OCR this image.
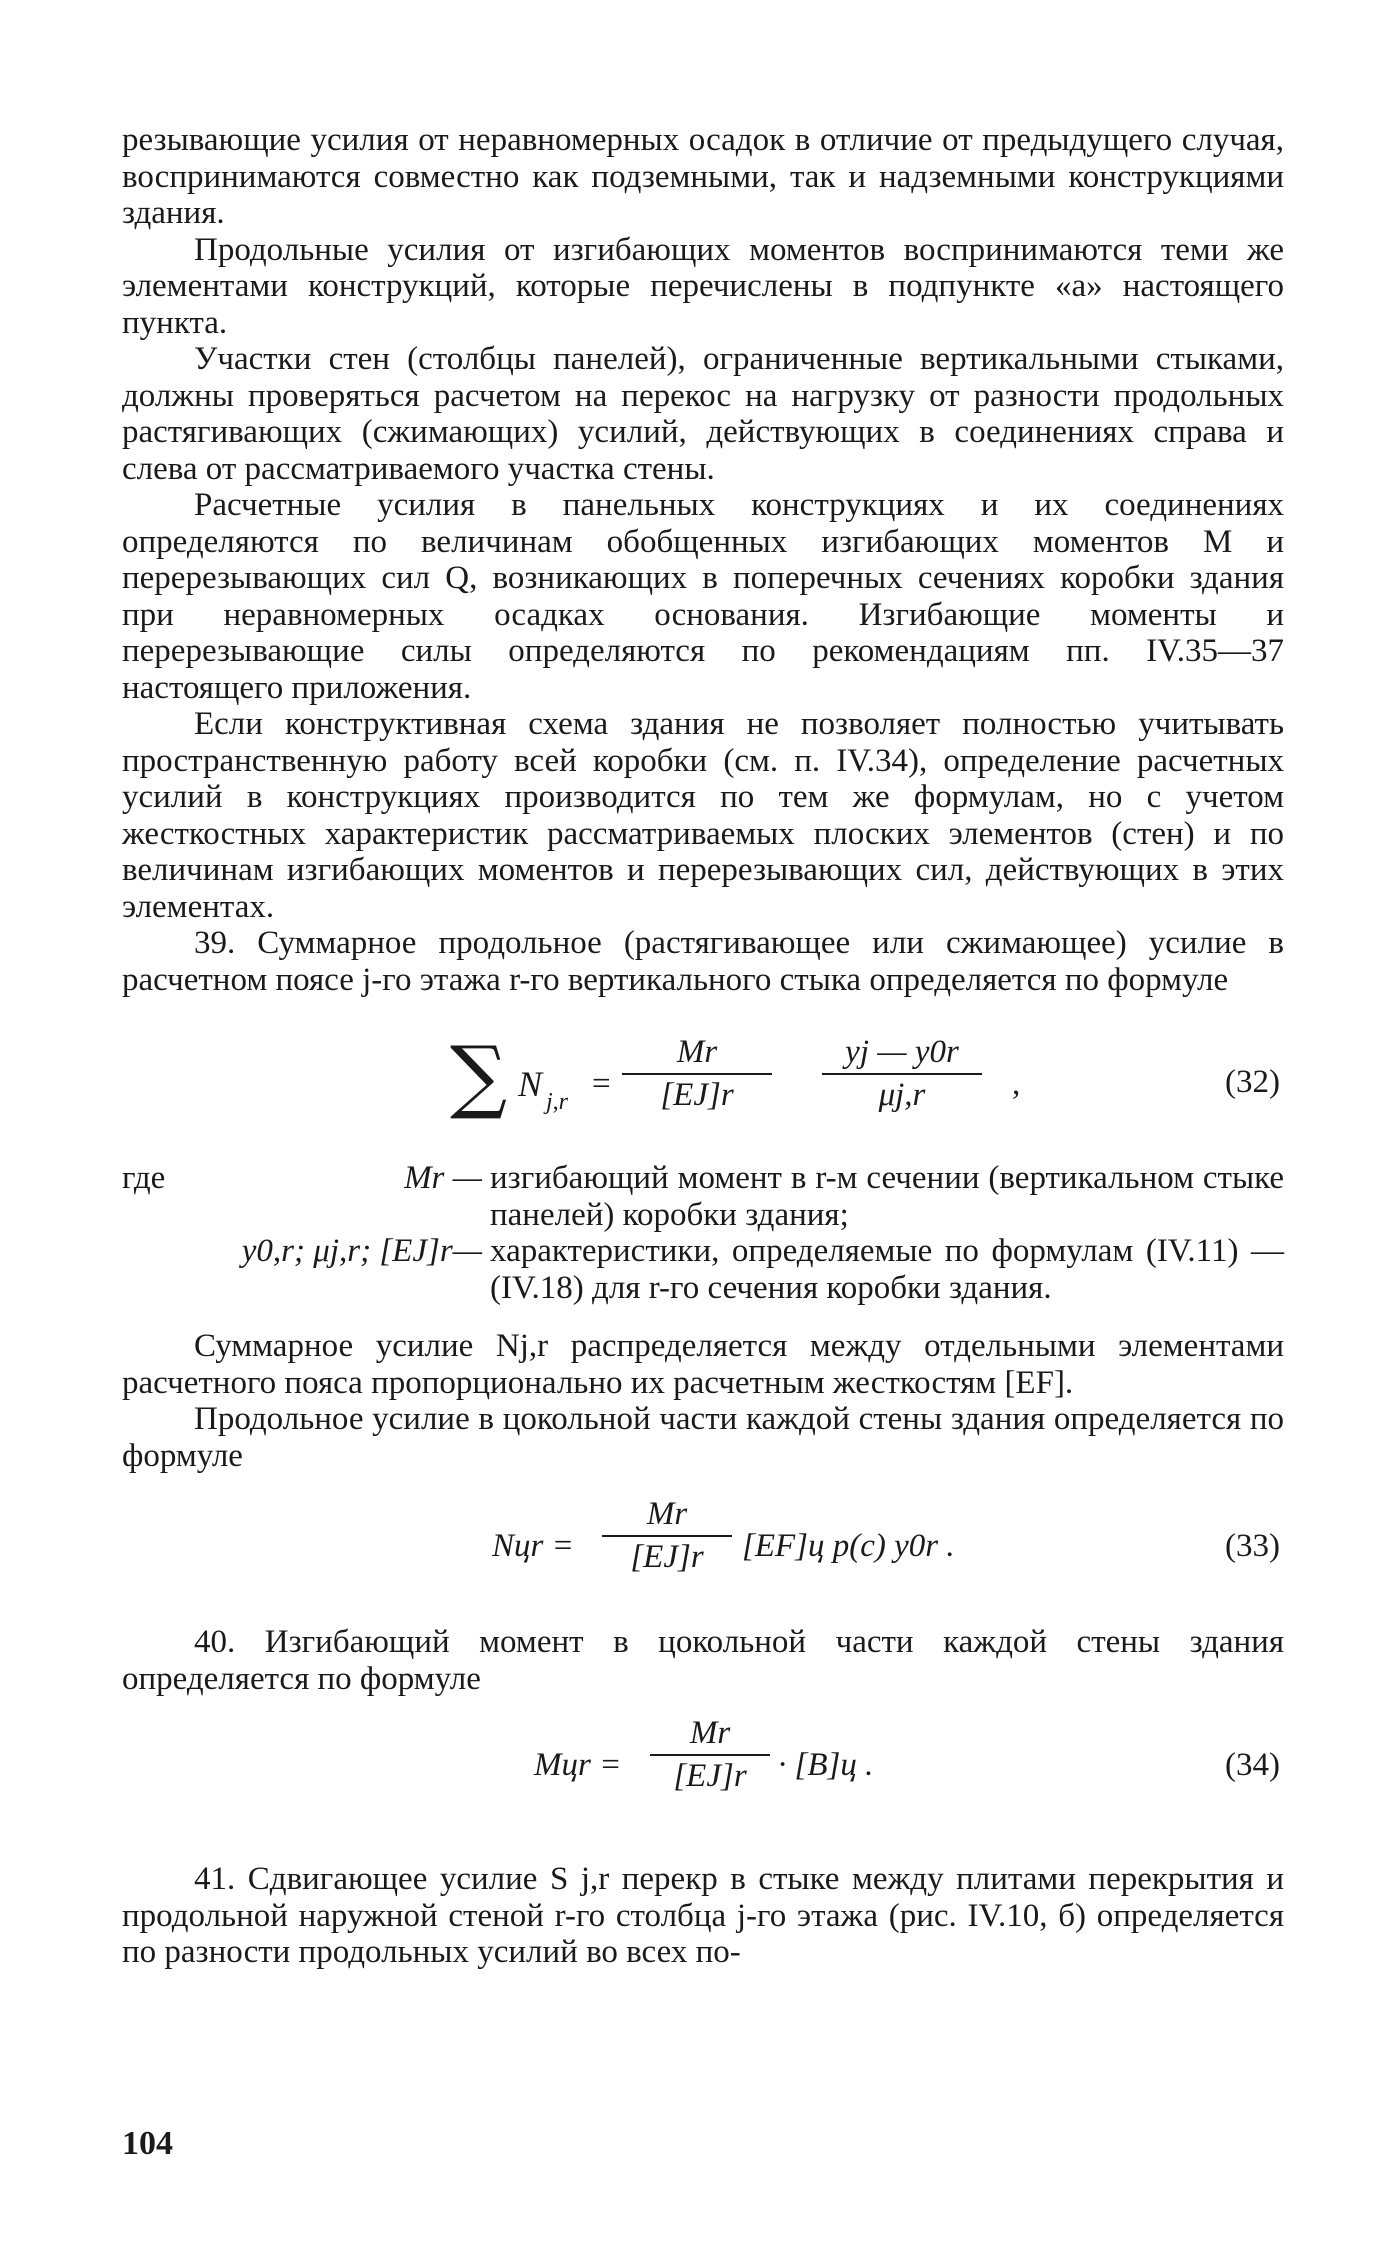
резывающие усилия от неравномерных осадок в отличие от предыдущего случая, воспринимаются совместно как подземными, так и надземными конструкциями здания.

Продольные усилия от изгибающих моментов воспринимаются теми же элементами конструкций, которые перечислены в подпункте «а» настоящего пункта.

Участки стен (столбцы панелей), ограниченные вертикальными стыками, должны проверяться расчетом на перекос на нагрузку от разности продольных растягивающих (сжимающих) усилий, действующих в соединениях справа и слева от рассматриваемого участка стены.

Расчетные усилия в панельных конструкциях и их соединениях определяются по величинам обобщенных изгибающих моментов M и перерезывающих сил Q, возникающих в поперечных сечениях коробки здания при неравномерных осадках основания. Изгибающие моменты и перерезывающие силы определяются по рекомендациям пп. IV.35—37 настоящего приложения.

Если конструктивная схема здания не позволяет полностью учитывать пространственную работу всей коробки (см. п. IV.34), определение расчетных усилий в конструкциях производится по тем же формулам, но с учетом жесткостных характеристик рассматриваемых плоских элементов (стен) и по величинам изгибающих моментов и перерезывающих сил, действующих в этих элементах.

39. Суммарное продольное (растягивающее или сжимающее) усилие в расчетном поясе j-го этажа r-го вертикального стыка определяется по формуле

∑ N $j,r = \frac{Mr}{[EJ]r} \frac{yj — y0r}{\mu j,r}$ ,	(32)
где	Mr — изгибающий момент в r-м сечении (вертикальном стыке панелей) коробки здания;
y0,r; μj,r; [EJ]r— характеристики, определяемые по формулам (IV.11) — (IV.18) для r-го сечения коробки здания.

Суммарное усилие Nj,r распределяется между отдельными элементами расчетного пояса пропорционально их расчетным жесткостям [EF].

Продольное усилие в цокольной части каждой стены здания определяется по формуле

Nцr = $\frac{Mr}{[EJ]r} [EF]ц$ p(c) y0r .	(33)

40. Изгибающий момент в цокольной части каждой стены здания определяется по формуле

Mцr = $\frac{Mr}{[EJ]r} \cdot [B]ц$ .	(34)

41. Сдвигающее усилие S j,r перекр в стыке между плитами перекрытия и продольной наружной стеной r-го столбца j-го этажа (рис. IV.10, б) определяется по разности продольных усилий во всех по-

104
